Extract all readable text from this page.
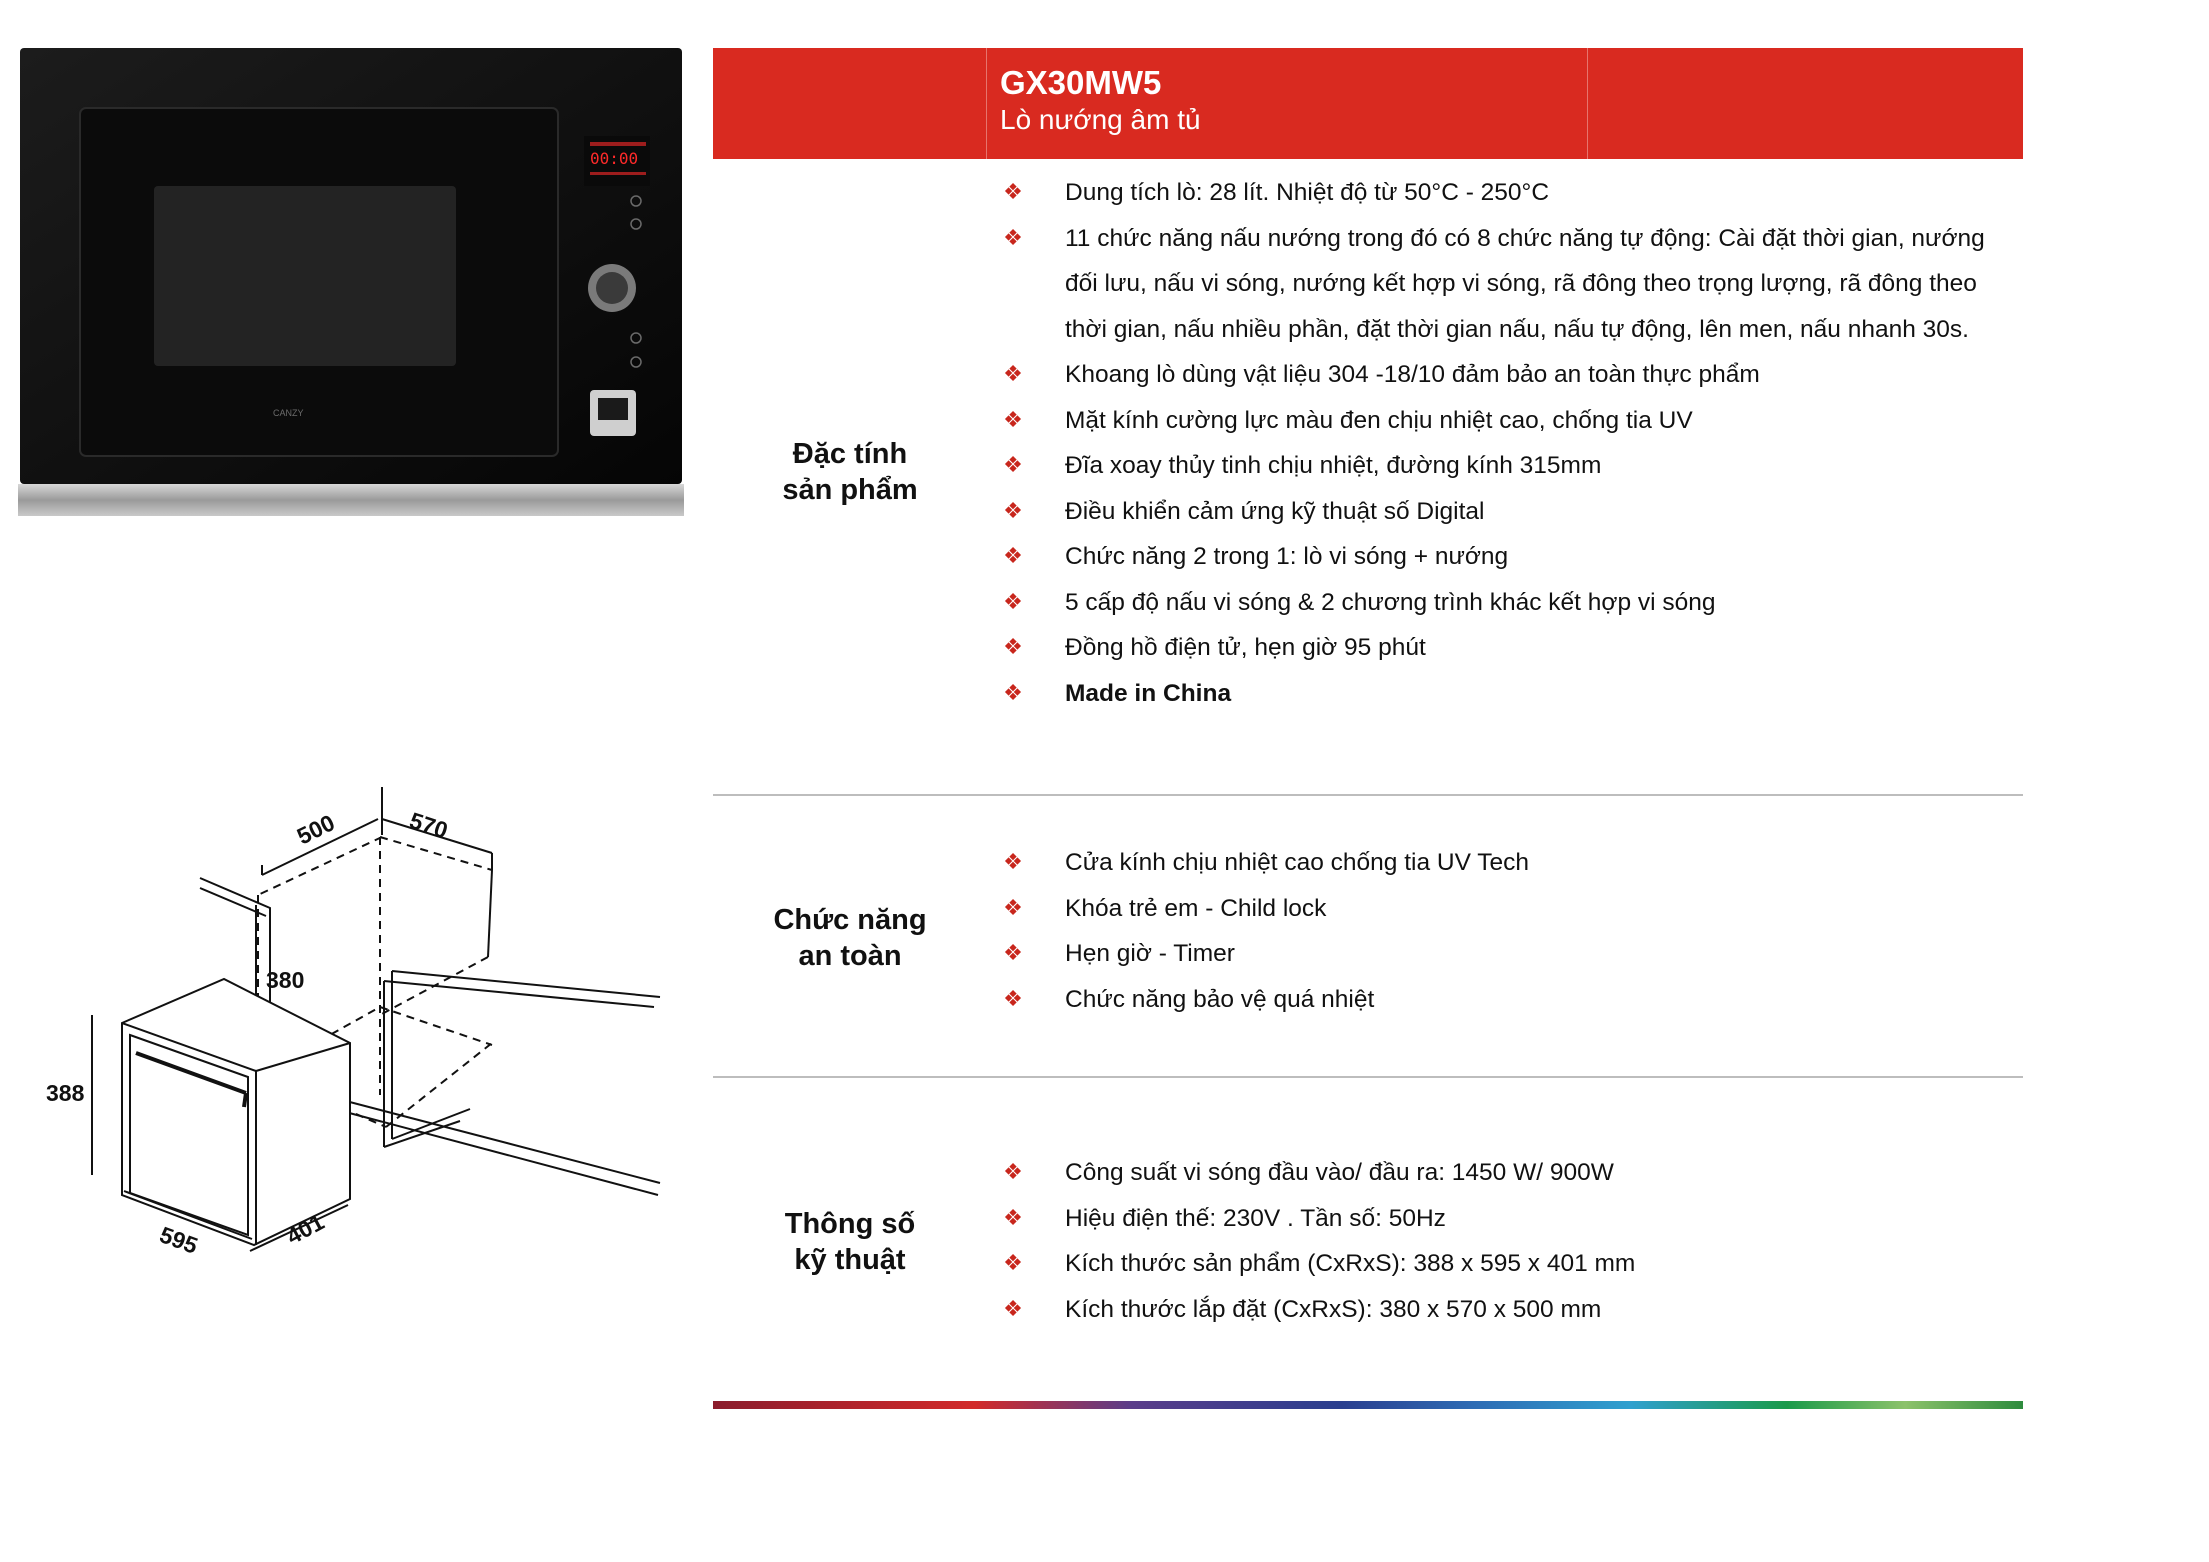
00:00
CANZY
500	570
380
388
595	401
GX30MW5
Lò nướng âm tủ
Đặc tính
sản phẩm
❖	Dung tích lò: 28 lít. Nhiệt độ từ 50°C - 250°C
❖	11 chức năng nấu nướng trong đó có 8 chức năng tự động: Cài đặt thời gian, nướng đối lưu, nấu vi sóng, nướng kết hợp vi sóng, rã đông theo trọng lượng, rã đông theo thời gian, nấu nhiều phần, đặt thời gian nấu, nấu tự động, lên men, nấu nhanh 30s.
❖	Khoang lò dùng vật liệu 304 -18/10 đảm bảo an toàn thực phẩm
❖	Mặt kính cường lực màu đen chịu nhiệt cao, chống tia UV
❖	Đĩa xoay thủy tinh chịu nhiệt, đường kính 315mm
❖	Điều khiển cảm ứng kỹ thuật số Digital
❖	Chức năng 2 trong 1: lò vi sóng + nướng
❖	5 cấp độ nấu vi sóng & 2 chương trình khác kết hợp vi sóng
❖	Đồng hồ điện tử, hẹn giờ 95 phút
❖	Made in China
Chức năng
an toàn
❖	Cửa kính chịu nhiệt cao chống tia UV Tech
❖	Khóa trẻ em - Child lock
❖	Hẹn giờ - Timer
❖	Chức năng bảo vệ quá nhiệt
Thông số
kỹ thuật
❖	Công suất vi sóng đầu vào/ đầu ra: 1450 W/ 900W
❖	Hiệu điện thế: 230V . Tần số: 50Hz
❖	Kích thước sản phẩm (CxRxS): 388 x 595 x 401 mm
❖	Kích thước lắp đặt (CxRxS): 380 x 570 x 500 mm
